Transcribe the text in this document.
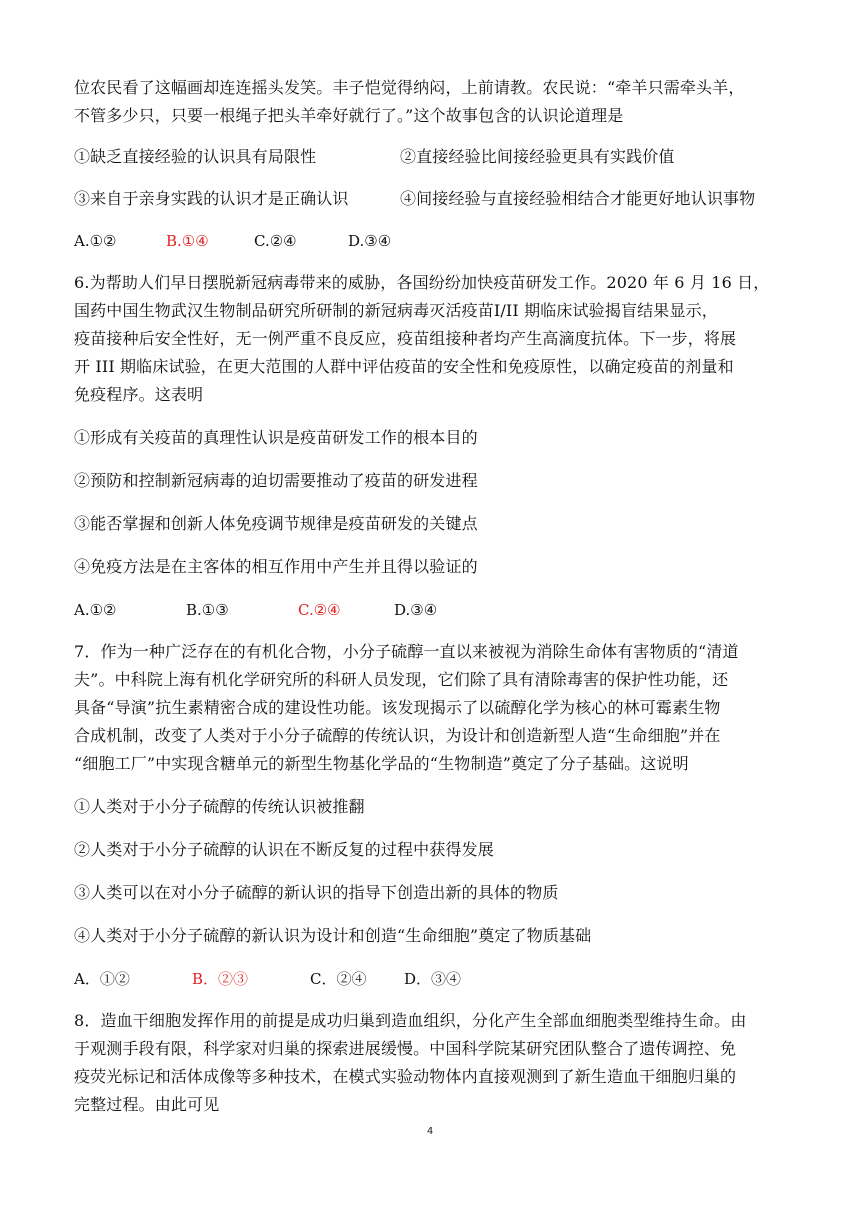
位农民看了这幅画却连连摇头发笑。丰子恺觉得纳闷，上前请教。农民说：“牵羊只需牵头羊，
不管多少只，只要一根绳子把头羊牵好就行了。”这个故事包含的认识论道理是
①缺乏直接经验的认识具有局限性	②直接经验比间接经验更具有实践价值
③来自于亲身实践的认识才是正确认识	④间接经验与直接经验相结合才能更好地认识事物
A.①②	B.①④	C.②④	D.③④
6.为帮助人们早日摆脱新冠病毒带来的威胁，各国纷纷加快疫苗研发工作。2020 年 6 月 16 日，
国药中国生物武汉生物制品研究所研制的新冠病毒灭活疫苗Ⅰ/II 期临床试验揭盲结果显示，
疫苗接种后安全性好，无一例严重不良反应，疫苗组接种者均产生高滴度抗体。下一步，将展
开 III 期临床试验，在更大范围的人群中评估疫苗的安全性和免疫原性，以确定疫苗的剂量和
免疫程序。这表明
①形成有关疫苗的真理性认识是疫苗研发工作的根本目的
②预防和控制新冠病毒的迫切需要推动了疫苗的研发进程
③能否掌握和创新人体免疫调节规律是疫苗研发的关键点
④免疫方法是在主客体的相互作用中产生并且得以验证的
A.①②	B.①③	C.②④	D.③④
7．作为一种广泛存在的有机化合物，小分子硫醇一直以来被视为消除生命体有害物质的“清道
夫”。中科院上海有机化学研究所的科研人员发现，它们除了具有清除毒害的保护性功能，还
具备“导演”抗生素精密合成的建设性功能。该发现揭示了以硫醇化学为核心的林可霉素生物
合成机制，改变了人类对于小分子硫醇的传统认识，为设计和创造新型人造“生命细胞”并在
“细胞工厂”中实现含糖单元的新型生物基化学品的“生物制造”奠定了分子基础。这说明
①人类对于小分子硫醇的传统认识被推翻
②人类对于小分子硫醇的认识在不断反复的过程中获得发展
③人类可以在对小分子硫醇的新认识的指导下创造出新的具体的物质
④人类对于小分子硫醇的新认识为设计和创造“生命细胞”奠定了物质基础
A．①②	B．②③	C．②④	D．③④
8．造血干细胞发挥作用的前提是成功归巢到造血组织，分化产生全部血细胞类型维持生命。由
于观测手段有限，科学家对归巢的探索进展缓慢。中国科学院某研究团队整合了遗传调控、免
疫荧光标记和活体成像等多种技术，在模式实验动物体内直接观测到了新生造血干细胞归巢的
完整过程。由此可见
4
